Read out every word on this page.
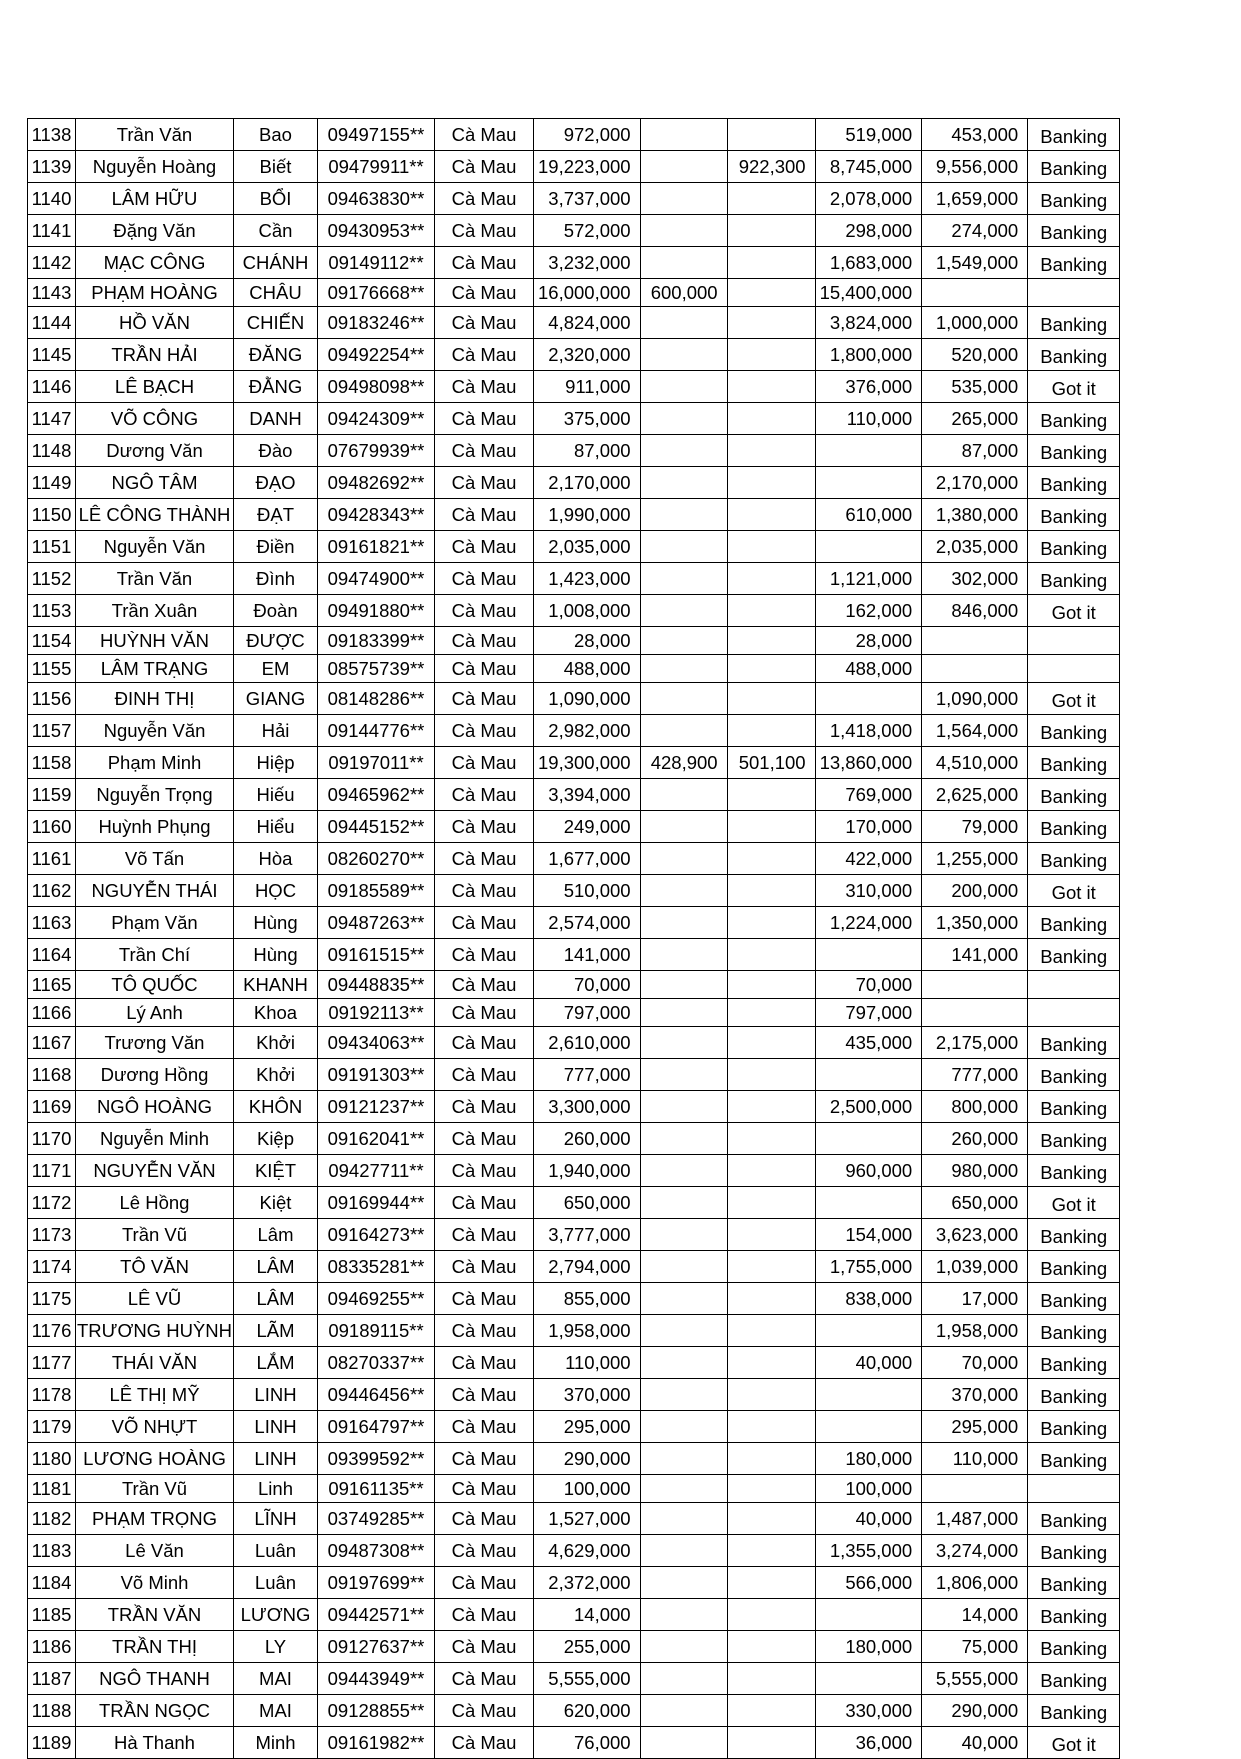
1138	Trần Văn	Bao	09497155**	Cà Mau	972,000			519,000	453,000	Banking
1139	Nguyễn Hoàng	Biết	09479911**	Cà Mau	19,223,000		922,300	8,745,000	9,556,000	Banking
1140	LÂM HỮU	BỔI	09463830**	Cà Mau	3,737,000			2,078,000	1,659,000	Banking
1141	Đặng Văn	Cần	09430953**	Cà Mau	572,000			298,000	274,000	Banking
1142	MẠC CÔNG	CHÁNH	09149112**	Cà Mau	3,232,000			1,683,000	1,549,000	Banking
1143	PHẠM HOÀNG	CHÂU	09176668**	Cà Mau	16,000,000	600,000		15,400,000		
1144	HỒ VĂN	CHIẾN	09183246**	Cà Mau	4,824,000			3,824,000	1,000,000	Banking
1145	TRẦN HẢI	ĐĂNG	09492254**	Cà Mau	2,320,000			1,800,000	520,000	Banking
1146	LÊ BẠCH	ĐẰNG	09498098**	Cà Mau	911,000			376,000	535,000	Got it
1147	VÕ CÔNG	DANH	09424309**	Cà Mau	375,000			110,000	265,000	Banking
1148	Dương Văn	Đào	07679939**	Cà Mau	87,000				87,000	Banking
1149	NGÔ TÂM	ĐẠO	09482692**	Cà Mau	2,170,000				2,170,000	Banking
1150	LÊ CÔNG THÀNH	ĐẠT	09428343**	Cà Mau	1,990,000			610,000	1,380,000	Banking
1151	Nguyễn Văn	Điền	09161821**	Cà Mau	2,035,000				2,035,000	Banking
1152	Trần Văn	Đình	09474900**	Cà Mau	1,423,000			1,121,000	302,000	Banking
1153	Trần Xuân	Đoàn	09491880**	Cà Mau	1,008,000			162,000	846,000	Got it
1154	HUỲNH VĂN	ĐƯỢC	09183399**	Cà Mau	28,000			28,000		
1155	LÂM TRẠNG	EM	08575739**	Cà Mau	488,000			488,000		
1156	ĐINH THỊ	GIANG	08148286**	Cà Mau	1,090,000				1,090,000	Got it
1157	Nguyễn Văn	Hải	09144776**	Cà Mau	2,982,000			1,418,000	1,564,000	Banking
1158	Phạm Minh	Hiệp	09197011**	Cà Mau	19,300,000	428,900	501,100	13,860,000	4,510,000	Banking
1159	Nguyễn Trọng	Hiếu	09465962**	Cà Mau	3,394,000			769,000	2,625,000	Banking
1160	Huỳnh Phụng	Hiểu	09445152**	Cà Mau	249,000			170,000	79,000	Banking
1161	Võ Tấn	Hòa	08260270**	Cà Mau	1,677,000			422,000	1,255,000	Banking
1162	NGUYỄN THÁI	HỌC	09185589**	Cà Mau	510,000			310,000	200,000	Got it
1163	Phạm Văn	Hùng	09487263**	Cà Mau	2,574,000			1,224,000	1,350,000	Banking
1164	Trần Chí	Hùng	09161515**	Cà Mau	141,000				141,000	Banking
1165	TÔ QUỐC	KHANH	09448835**	Cà Mau	70,000			70,000		
1166	Lý Anh	Khoa	09192113**	Cà Mau	797,000			797,000		
1167	Trương Văn	Khởi	09434063**	Cà Mau	2,610,000			435,000	2,175,000	Banking
1168	Dương Hồng	Khởi	09191303**	Cà Mau	777,000				777,000	Banking
1169	NGÔ HOÀNG	KHÔN	09121237**	Cà Mau	3,300,000			2,500,000	800,000	Banking
1170	Nguyễn Minh	Kiệp	09162041**	Cà Mau	260,000				260,000	Banking
1171	NGUYỄN VĂN	KIỆT	09427711**	Cà Mau	1,940,000			960,000	980,000	Banking
1172	Lê Hồng	Kiệt	09169944**	Cà Mau	650,000				650,000	Got it
1173	Trần Vũ	Lâm	09164273**	Cà Mau	3,777,000			154,000	3,623,000	Banking
1174	TÔ VĂN	LÂM	08335281**	Cà Mau	2,794,000			1,755,000	1,039,000	Banking
1175	LÊ VŨ	LÂM	09469255**	Cà Mau	855,000			838,000	17,000	Banking
1176	TRƯƠNG HUỲNH	LÃM	09189115**	Cà Mau	1,958,000				1,958,000	Banking
1177	THÁI VĂN	LẮM	08270337**	Cà Mau	110,000			40,000	70,000	Banking
1178	LÊ THỊ MỸ	LINH	09446456**	Cà Mau	370,000				370,000	Banking
1179	VÕ NHỰT	LINH	09164797**	Cà Mau	295,000				295,000	Banking
1180	LƯƠNG HOÀNG	LINH	09399592**	Cà Mau	290,000			180,000	110,000	Banking
1181	Trần Vũ	Linh	09161135**	Cà Mau	100,000			100,000		
1182	PHẠM TRỌNG	LĨNH	03749285**	Cà Mau	1,527,000			40,000	1,487,000	Banking
1183	Lê Văn	Luân	09487308**	Cà Mau	4,629,000			1,355,000	3,274,000	Banking
1184	Võ Minh	Luân	09197699**	Cà Mau	2,372,000			566,000	1,806,000	Banking
1185	TRẦN VĂN	LƯƠNG	09442571**	Cà Mau	14,000				14,000	Banking
1186	TRẦN THỊ	LY	09127637**	Cà Mau	255,000			180,000	75,000	Banking
1187	NGÔ THANH	MAI	09443949**	Cà Mau	5,555,000				5,555,000	Banking
1188	TRẦN NGỌC	MAI	09128855**	Cà Mau	620,000			330,000	290,000	Banking
1189	Hà Thanh	Minh	09161982**	Cà Mau	76,000			36,000	40,000	Got it
